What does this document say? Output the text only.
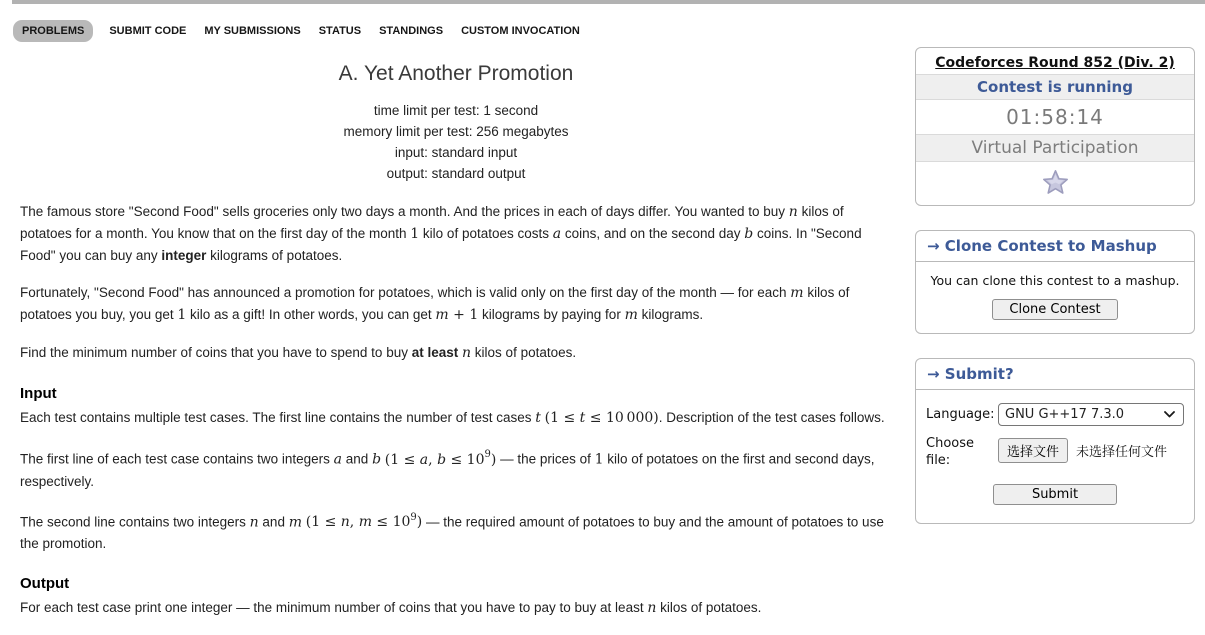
PROBLEMS	SUBMIT CODE MY SUBMISSIONS STATUS STANDINGS CUSTOM INVOCATION
A. Yet Another Promotion
time limit per test: 1 second
memory limit per test: 256 megabytes
input: standard input
output: standard output

The famous store "Second Food" sells groceries only two days a month. And the prices in each of days differ. You wanted to buy n kilos of potatoes for a month. You know that on the first day of the month 1 kilo of potatoes costs a coins, and on the second day b coins. In "Second Food" you can buy any integer kilograms of potatoes.

Fortunately, "Second Food" has announced a promotion for potatoes, which is valid only on the first day of the month — for each m kilos of potatoes you buy, you get 1 kilo as a gift! In other words, you can get m + 1 kilograms by paying for m kilograms.

Find the minimum number of coins that you have to spend to buy at least n kilos of potatoes.

Input

Each test contains multiple test cases. The first line contains the number of test cases t (1 ≤ t ≤ 10 000). Description of the test cases follows.

The first line of each test case contains two integers a and b (1 ≤ a, $b \le 10^9$) — the prices of 1 kilo of potatoes on the first and second days, respectively.

The second line contains two integers n and m (1 ≤ n, $m \le 10^9$) — the required amount of potatoes to buy and the amount of potatoes to use the promotion.

Output

For each test case print one integer — the minimum number of coins that you have to pay to buy at least n kilos of potatoes.

Codeforces Round 852 (Div. 2)
Contest is running
01:58:14
Virtual Participation
→ Clone Contest to Mashup
You can clone this contest to a mashup.
Clone Contest
→ Submit?
Language: GNU G++17 7.3.0
Choose file:
选择文件	未选择任何文件
Submit
